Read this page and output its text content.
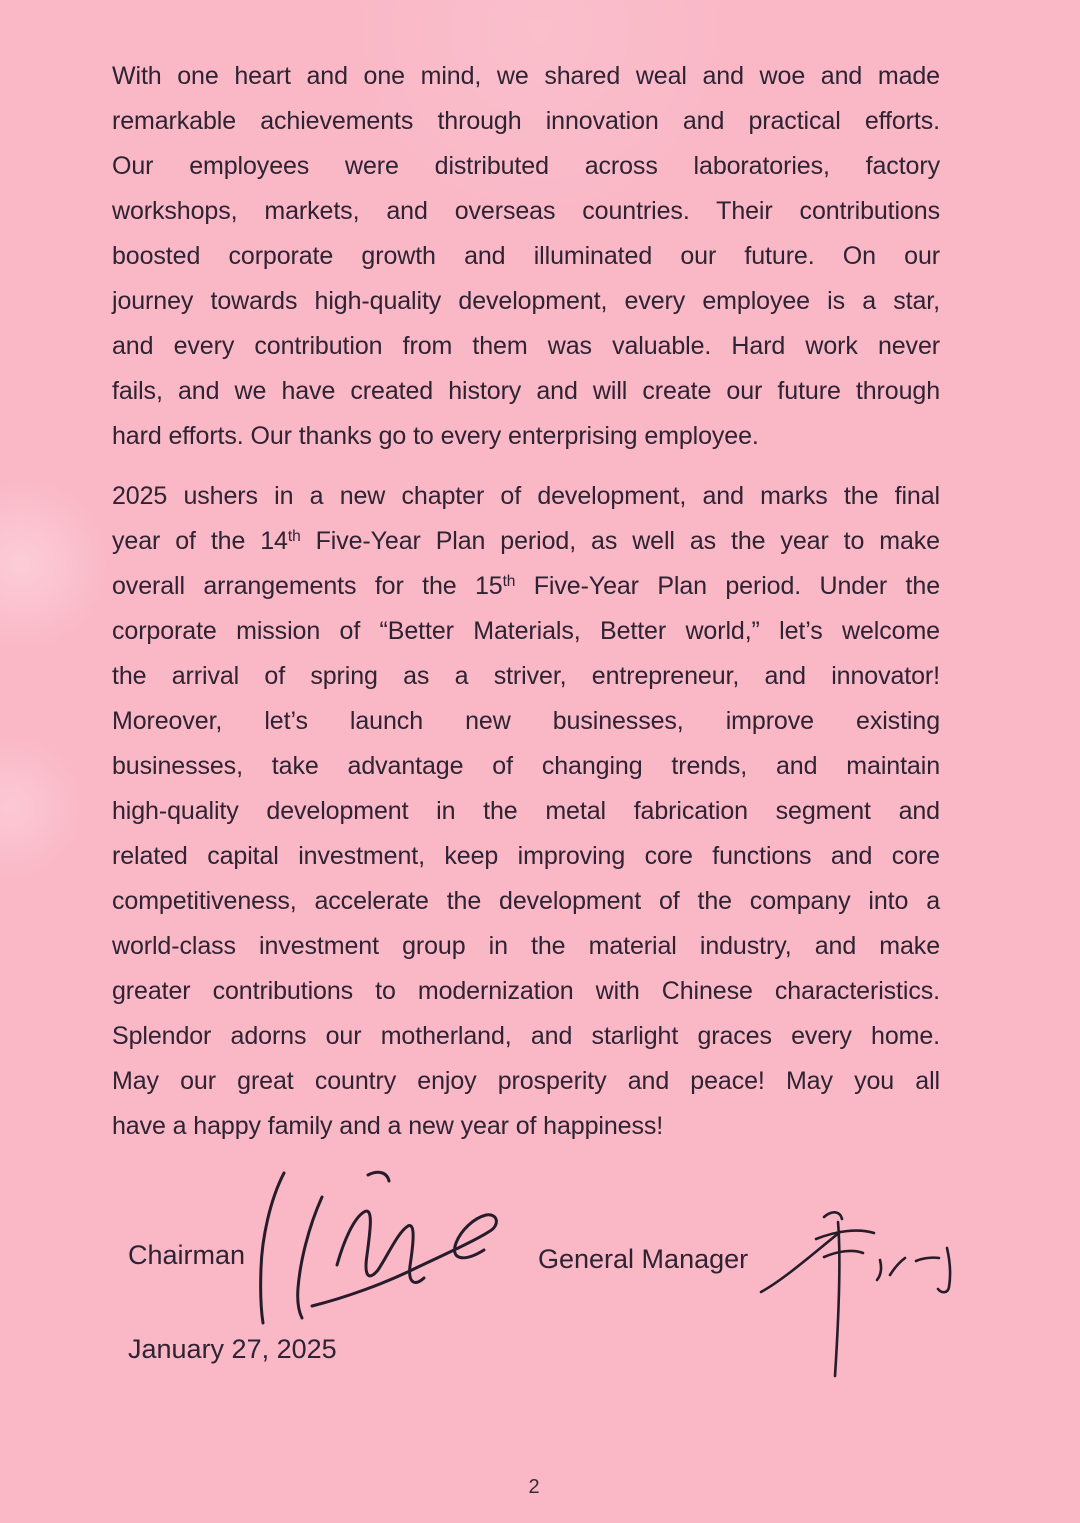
With one heart and one mind, we shared weal and woe and made
remarkable achievements through innovation and practical efforts.
Our employees were distributed across laboratories, factory
workshops, markets, and overseas countries. Their contributions
boosted corporate growth and illuminated our future. On our
journey towards high-quality development, every employee is a star,
and every contribution from them was valuable. Hard work never
fails, and we have created history and will create our future through
hard efforts. Our thanks go to every enterprising employee.
2025 ushers in a new chapter of development, and marks the final
year of the 14th Five-Year Plan period, as well as the year to make
overall arrangements for the 15th Five-Year Plan period. Under the
corporate mission of “Better Materials, Better world,” let’s welcome
the arrival of spring as a striver, entrepreneur, and innovator!
Moreover, let’s launch new businesses, improve existing
businesses, take advantage of changing trends, and maintain
high-quality development in the metal fabrication segment and
related capital investment, keep improving core functions and core
competitiveness, accelerate the development of the company into a
world-class investment group in the material industry, and make
greater contributions to modernization with Chinese characteristics.
Splendor adorns our motherland, and starlight graces every home.
May our great country enjoy prosperity and peace! May you all
have a happy family and a new year of happiness!
Chairman	General Manager
January 27, 2025
2
